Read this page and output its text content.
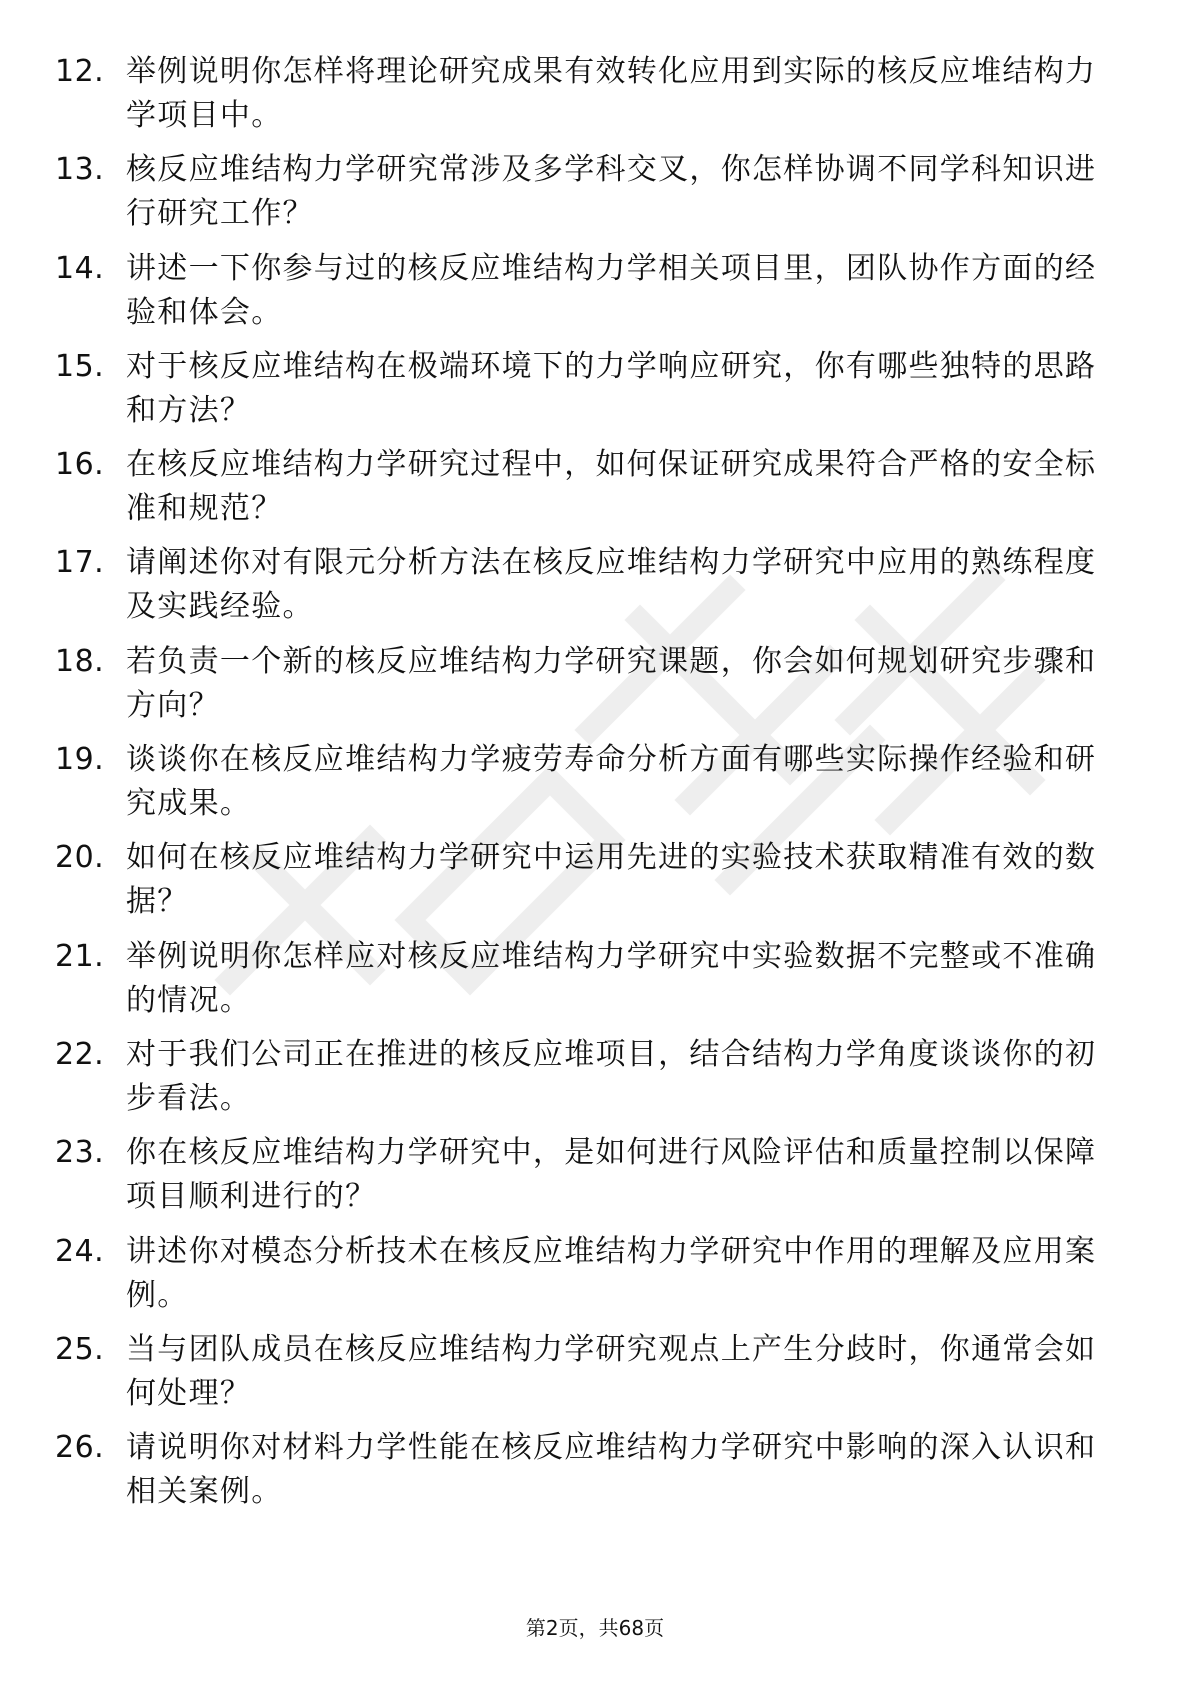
12. 举例说明你怎样将理论研究成果有效转化应用到实际的核反应堆结构力学项目中。
13. 核反应堆结构力学研究常涉及多学科交叉，你怎样协调不同学科知识进行研究工作？
14. 讲述一下你参与过的核反应堆结构力学相关项目里，团队协作方面的经验和体会。
15. 对于核反应堆结构在极端环境下的力学响应研究，你有哪些独特的思路和方法？
16. 在核反应堆结构力学研究过程中，如何保证研究成果符合严格的安全标准和规范？
17. 请阐述你对有限元分析方法在核反应堆结构力学研究中应用的熟练程度及实践经验。
18. 若负责一个新的核反应堆结构力学研究课题，你会如何规划研究步骤和方向？
19. 谈谈你在核反应堆结构力学疲劳寿命分析方面有哪些实际操作经验和研究成果。
20. 如何在核反应堆结构力学研究中运用先进的实验技术获取精准有效的数据？
21. 举例说明你怎样应对核反应堆结构力学研究中实验数据不完整或不准确的情况。
22. 对于我们公司正在推进的核反应堆项目，结合结构力学角度谈谈你的初步看法。
23. 你在核反应堆结构力学研究中，是如何进行风险评估和质量控制以保障项目顺利进行的？
24. 讲述你对模态分析技术在核反应堆结构力学研究中作用的理解及应用案例。
25. 当与团队成员在核反应堆结构力学研究观点上产生分歧时，你通常会如何处理？
26. 请说明你对材料力学性能在核反应堆结构力学研究中影响的深入认识和相关案例。
第2页，共68页
